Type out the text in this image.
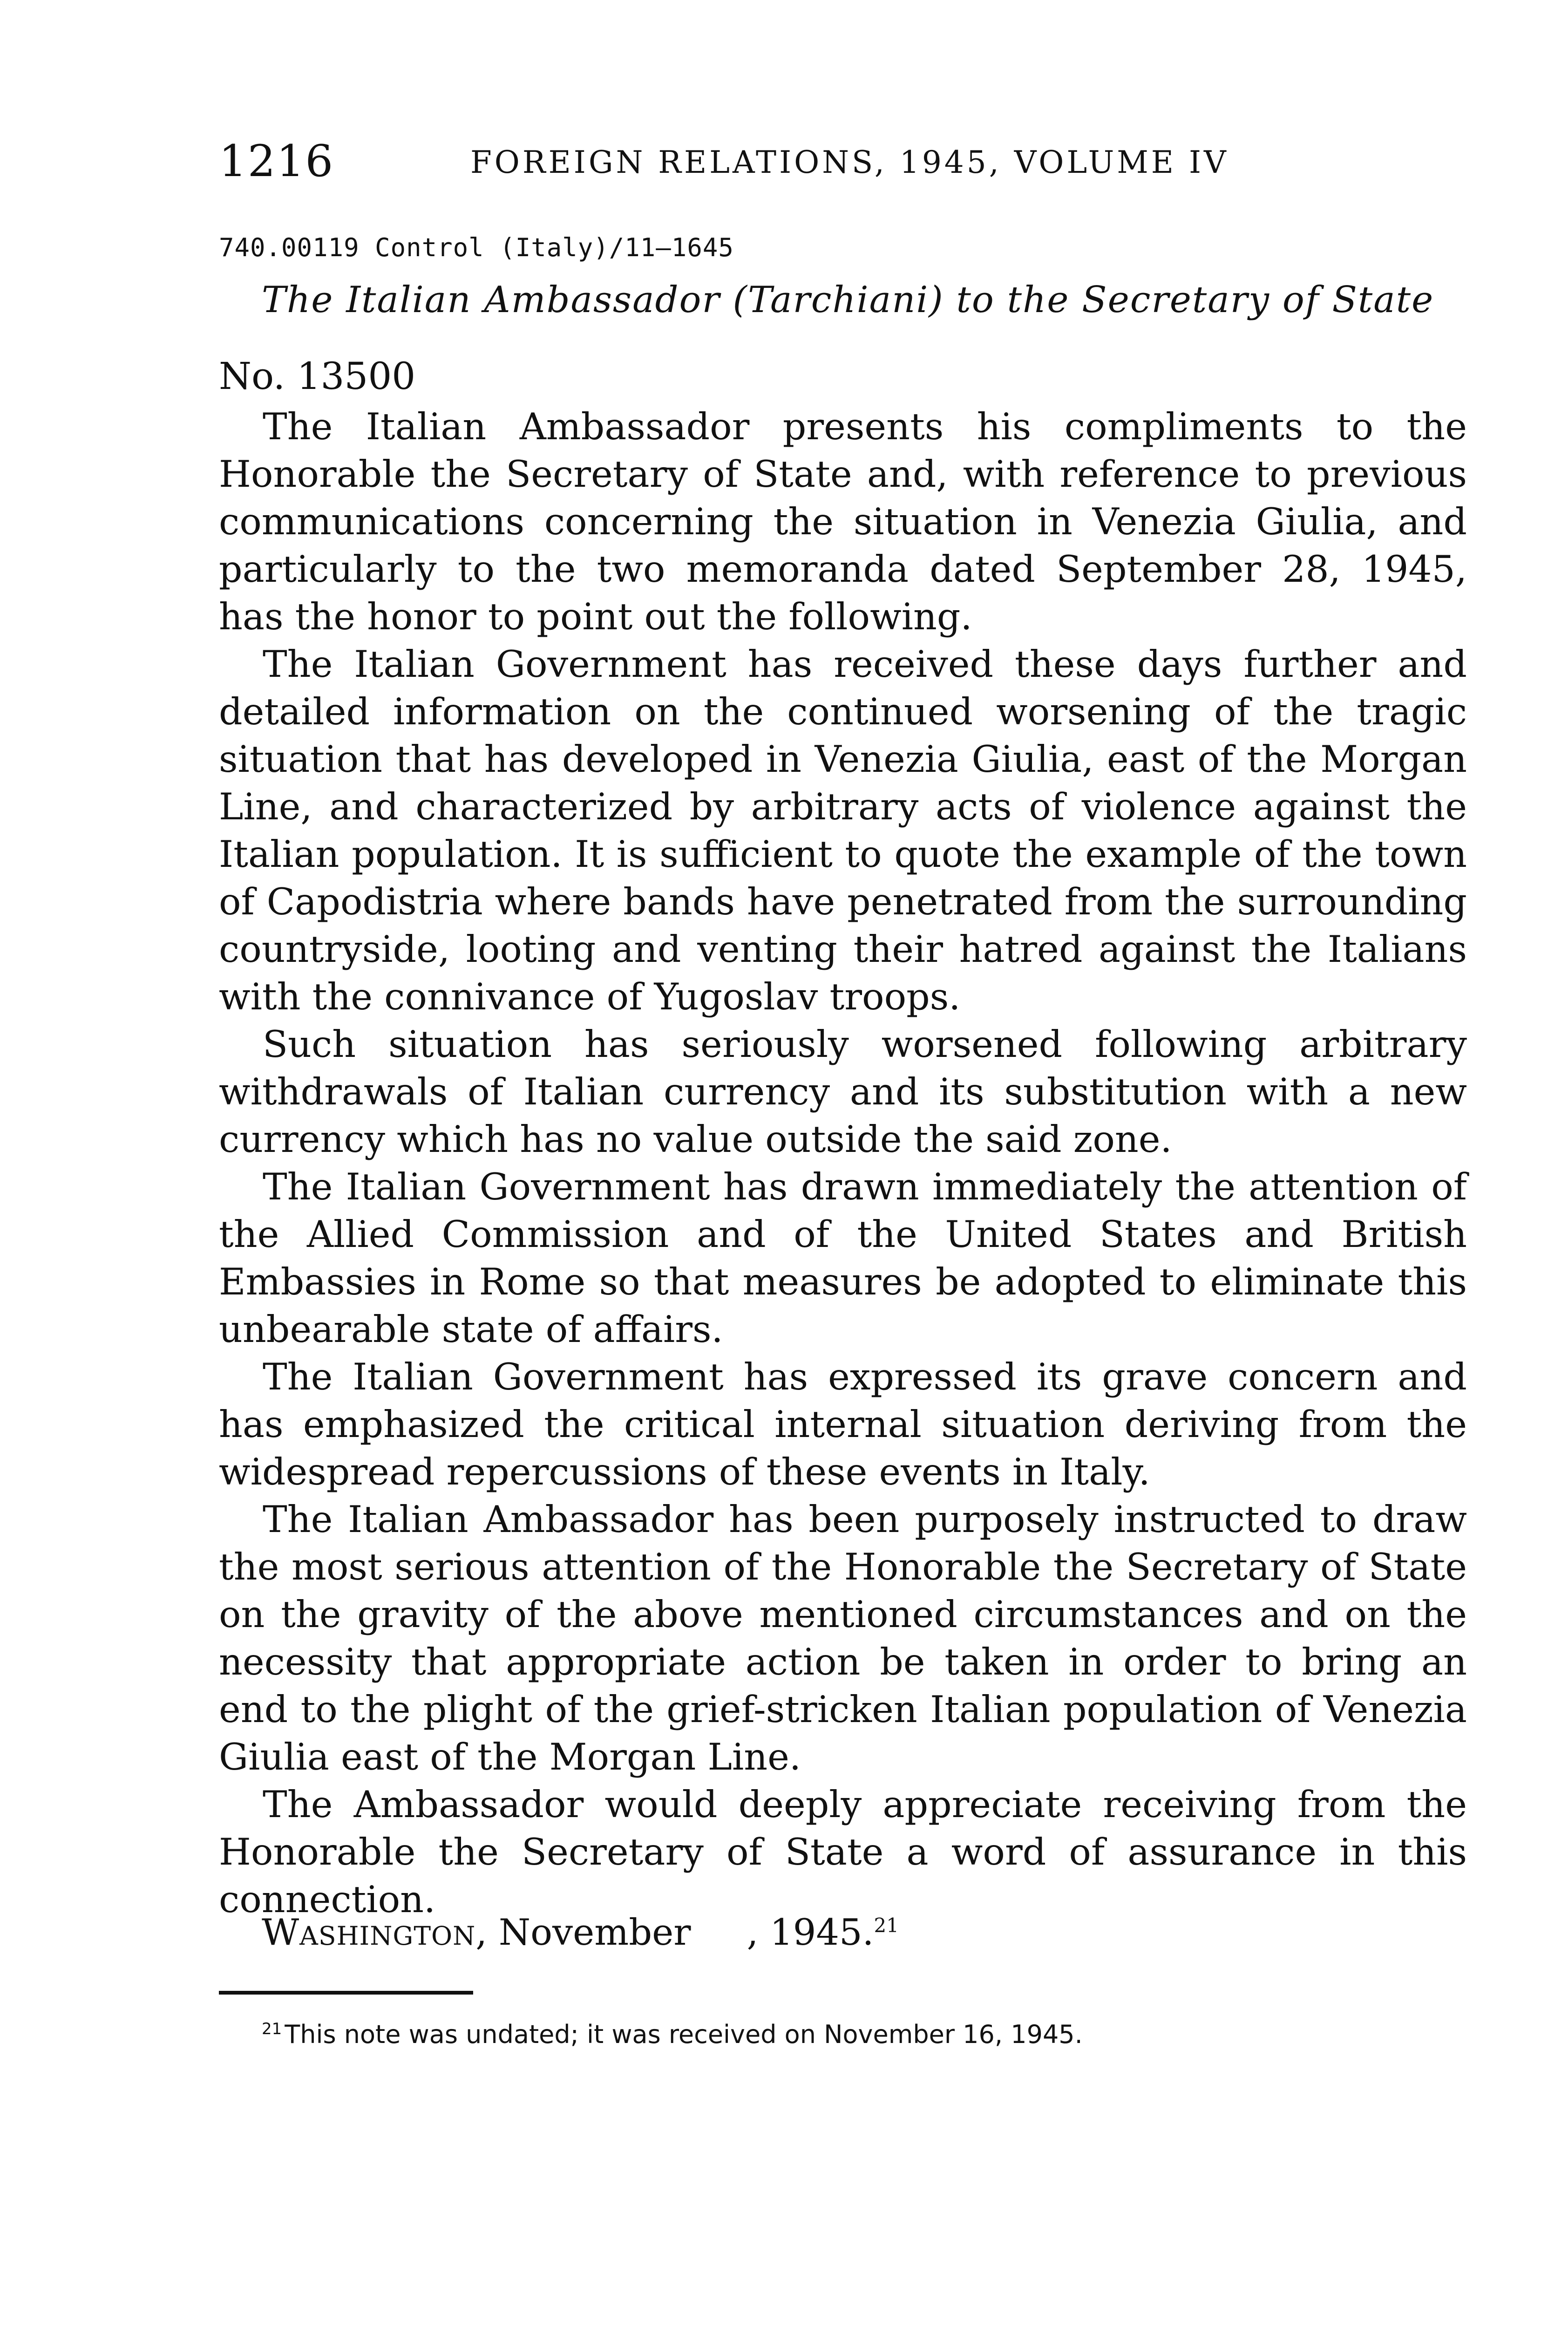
1216	FOREIGN RELATIONS, 1945, VOLUME IV
740.00119 Control (Italy)/11–1645
The Italian Ambassador (Tarchiani) to the Secretary of State
No. 13500

The Italian Ambassador presents his compliments to the Honorable the Secretary of State and, with reference to previous communications concerning the situation in Venezia Giulia, and particularly to the two memoranda dated September 28, 1945, has the honor to point out the following.

The Italian Government has received these days further and detailed information on the continued worsening of the tragic situation that has developed in Venezia Giulia, east of the Morgan Line, and characterized by arbitrary acts of violence against the Italian population. It is sufficient to quote the example of the town of Capodistria where bands have penetrated from the surrounding countryside, looting and venting their hatred against the Italians with the connivance of Yugoslav troops.

Such situation has seriously worsened following arbitrary withdrawals of Italian currency and its substitution with a new currency which has no value outside the said zone.

The Italian Government has drawn immediately the attention of the Allied Commission and of the United States and British Embassies in Rome so that measures be adopted to eliminate this unbearable state of affairs.

The Italian Government has expressed its grave concern and has emphasized the critical internal situation deriving from the widespread repercussions of these events in Italy.

The Italian Ambassador has been purposely instructed to draw the most serious attention of the Honorable the Secretary of State on the gravity of the above mentioned circumstances and on the necessity that appropriate action be taken in order to bring an end to the plight of the grief-stricken Italian population of Venezia Giulia east of the Morgan Line.

The Ambassador would deeply appreciate receiving from the Honorable the Secretary of State a word of assurance in this connection.

Washington, November , 1945.21
$^{21}$ This note was undated; it was received on November 16, 1945.
